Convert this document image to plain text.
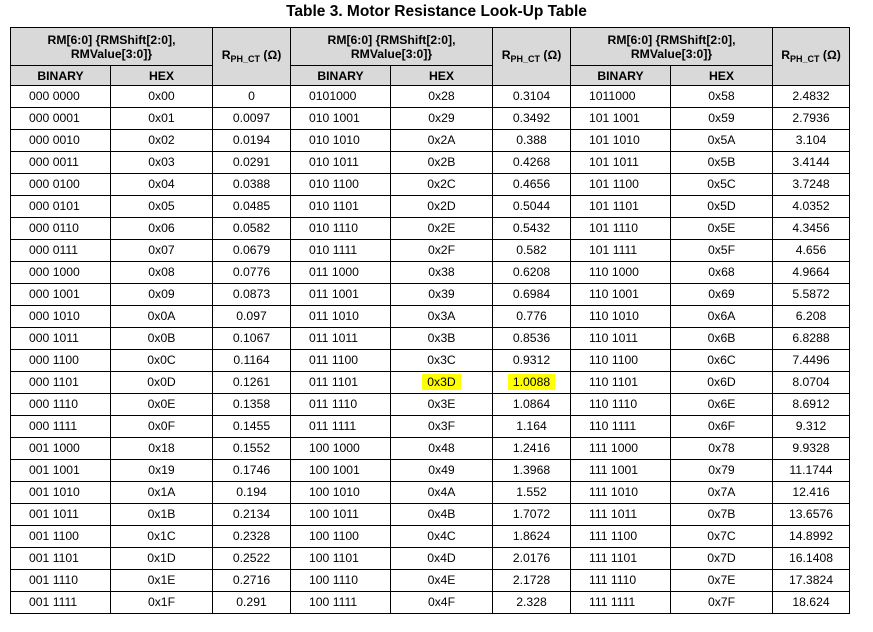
Table 3. Motor Resistance Look-Up Table
RM[6:0] {RMShift[2:0],
RMValue[3:0]}		$R_{PH\_CT}$ (Ω)	RM[6:0] {RMShift[2:0],
RMValue[3:0]}		$R_{PH\_CT}$ (Ω)	RM[6:0] {RMShift[2:0],
RMValue[3:0]}		$R_{PH\_CT}$ (Ω)
BINARY	HEX		BINARY	HEX		BINARY	HEX	
000 0000	0x00	0	0101000	0x28	0.3104	1011000	0x58	2.4832
000 0001	0x01	0.0097	010 1001	0x29	0.3492	101 1001	0x59	2.7936
000 0010	0x02	0.0194	010 1010	0x2A	0.388	101 1010	0x5A	3.104
000 0011	0x03	0.0291	010 1011	0x2B	0.4268	101 1011	0x5B	3.4144
000 0100	0x04	0.0388	010 1100	0x2C	0.4656	101 1100	0x5C	3.7248
000 0101	0x05	0.0485	010 1101	0x2D	0.5044	101 1101	0x5D	4.0352
000 0110	0x06	0.0582	010 1110	0x2E	0.5432	101 1110	0x5E	4.3456
000 0111	0x07	0.0679	010 1111	0x2F	0.582	101 1111	0x5F	4.656
000 1000	0x08	0.0776	011 1000	0x38	0.6208	110 1000	0x68	4.9664
000 1001	0x09	0.0873	011 1001	0x39	0.6984	110 1001	0x69	5.5872
000 1010	0x0A	0.097	011 1010	0x3A	0.776	110 1010	0x6A	6.208
000 1011	0x0B	0.1067	011 1011	0x3B	0.8536	110 1011	0x6B	6.8288
000 1100	0x0C	0.1164	011 1100	0x3C	0.9312	110 1100	0x6C	7.4496
000 1101	0x0D	0.1261	011 1101	0x3D	1.0088	110 1101	0x6D	8.0704
000 1110	0x0E	0.1358	011 1110	0x3E	1.0864	110 1110	0x6E	8.6912
000 1111	0x0F	0.1455	011 1111	0x3F	1.164	110 1111	0x6F	9.312
001 1000	0x18	0.1552	100 1000	0x48	1.2416	111 1000	0x78	9.9328
001 1001	0x19	0.1746	100 1001	0x49	1.3968	111 1001	0x79	11.1744
001 1010	0x1A	0.194	100 1010	0x4A	1.552	111 1010	0x7A	12.416
001 1011	0x1B	0.2134	100 1011	0x4B	1.7072	111 1011	0x7B	13.6576
001 1100	0x1C	0.2328	100 1100	0x4C	1.8624	111 1100	0x7C	14.8992
001 1101	0x1D	0.2522	100 1101	0x4D	2.0176	111 1101	0x7D	16.1408
001 1110	0x1E	0.2716	100 1110	0x4E	2.1728	111 1110	0x7E	17.3824
001 1111	0x1F	0.291	100 1111	0x4F	2.328	111 1111	0x7F	18.624
